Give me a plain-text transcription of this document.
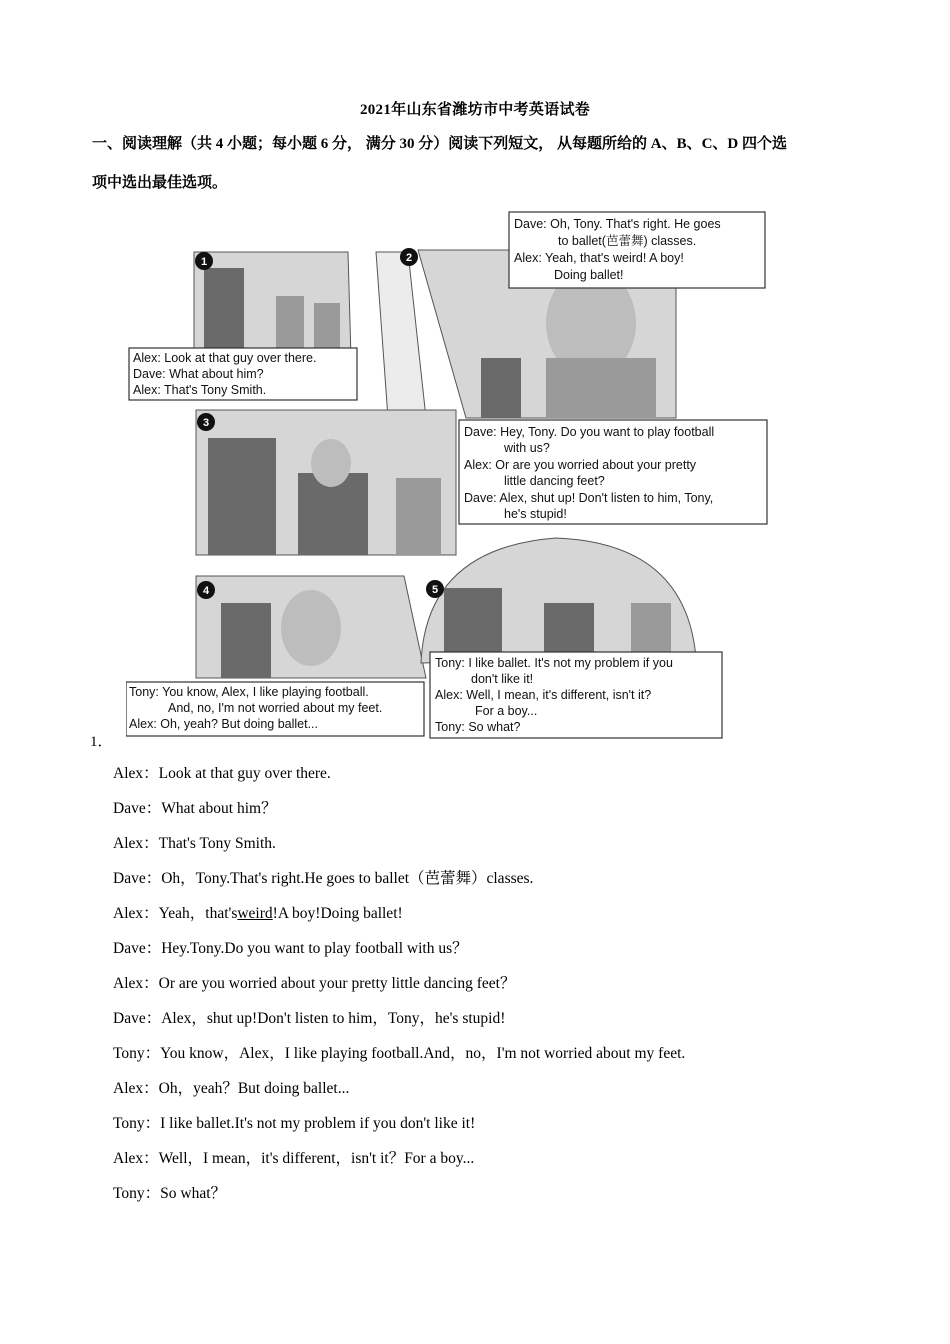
2021年山东省潍坊市中考英语试卷
一、阅读理解（共 4 小题；每小题 6 分， 满分 30 分）阅读下列短文， 从每题所给的 A、B、C、D 四个选
项中选出最佳选项。
1	2
3
4	5
Alex: Look at that guy over there.
Dave: What about him?
Alex: That's Tony Smith.
Dave: Oh, Tony. That's right. He goes
to ballet(芭蕾舞) classes.
Alex: Yeah, that's weird! A boy!
Doing ballet!
Dave: Hey, Tony. Do you want to play football
with us?
Alex: Or are you worried about your pretty
little dancing feet?
Dave: Alex, shut up! Don't listen to him, Tony,
he's stupid!
Tony: You know, Alex, I like playing football.
And, no, I'm not worried about my feet.
Alex: Oh, yeah? But doing ballet...
Tony: I like ballet. It's not my problem if you
don't like it!
Alex: Well, I mean, it's different, isn't it?
For a boy...
Tony: So what?
1．
Alex：Look at that guy over there.
Dave：What about him？
Alex：That's Tony Smith.
Dave：Oh，Tony.That's right.He goes to ballet（芭蕾舞）classes.
Alex：Yeah，that'sweird!A boy!Doing ballet!
Dave：Hey.Tony.Do you want to play football with us？
Alex：Or are you worried about your pretty little dancing feet？
Dave：Alex，shut up!Don't listen to him，Tony，he's stupid!
Tony：You know，Alex，I like playing football.And，no，I'm not worried about my feet.
Alex：Oh，yeah？But doing ballet...
Tony：I like ballet.It's not my problem if you don't like it!
Alex：Well，I mean，it's different，isn't it？For a boy...
Tony：So what？
